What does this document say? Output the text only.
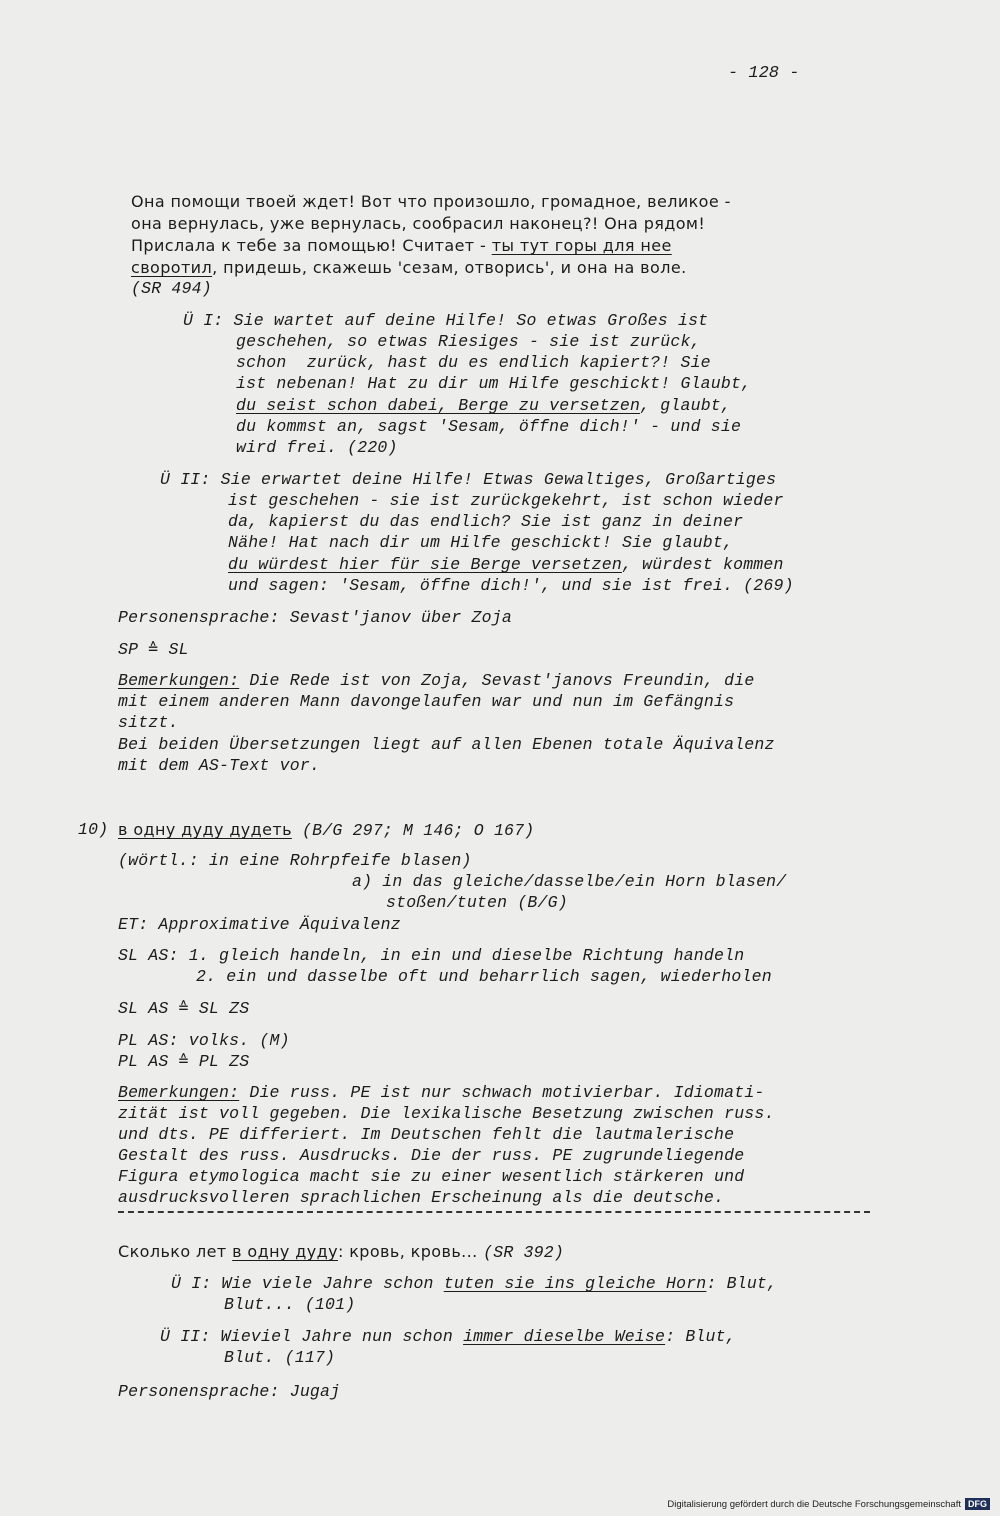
- 128 -
Она помощи твоей ждет! Вот что произошло, громадное, великое -
она вернулась, уже вернулась, сообрасил наконец?! Она рядом!
Прислала к тебе за помощью! Считает - ты тут горы для нее
своротил, придешь, скажешь 'сезам, отворись', и она на воле.
(SR 494)
Ü I: Sie wartet auf deine Hilfe! So etwas Großes ist
geschehen, so etwas Riesiges - sie ist zurück,
schon  zurück, hast du es endlich kapiert?! Sie
ist nebenan! Hat zu dir um Hilfe geschickt! Glaubt,
du seist schon dabei, Berge zu versetzen, glaubt,
du kommst an, sagst 'Sesam, öffne dich!' - und sie
wird frei. (220)
Ü II: Sie erwartet deine Hilfe! Etwas Gewaltiges, Großartiges
ist geschehen - sie ist zurückgekehrt, ist schon wieder
da, kapierst du das endlich? Sie ist ganz in deiner
Nähe! Hat nach dir um Hilfe geschickt! Sie glaubt,
du würdest hier für sie Berge versetzen, würdest kommen
und sagen: 'Sesam, öffne dich!', und sie ist frei. (269)
Personensprache: Sevast'janov über Zoja
SP ≙ SL
Bemerkungen: Die Rede ist von Zoja, Sevast'janovs Freundin, die
mit einem anderen Mann davongelaufen war und nun im Gefängnis
sitzt.
Bei beiden Übersetzungen liegt auf allen Ebenen totale Äquivalenz
mit dem AS-Text vor.
10) в одну дуду дудеть (B/G 297; M 146; O 167)
(wörtl.: in eine Rohrpfeife blasen)
a) in das gleiche/dasselbe/ein Horn blasen/
stoßen/tuten (B/G)
ET: Approximative Äquivalenz
SL AS: 1. gleich handeln, in ein und dieselbe Richtung handeln
2. ein und dasselbe oft und beharrlich sagen, wiederholen
SL AS ≙ SL ZS
PL AS: volks. (M)
PL AS ≙ PL ZS
Bemerkungen: Die russ. PE ist nur schwach motivierbar. Idiomati-
zität ist voll gegeben. Die lexikalische Besetzung zwischen russ.
und dts. PE differiert. Im Deutschen fehlt die lautmalerische
Gestalt des russ. Ausdrucks. Die der russ. PE zugrundeliegende
Figura etymologica macht sie zu einer wesentlich stärkeren und
ausdrucksvolleren sprachlichen Erscheinung als die deutsche.
Сколько лет в одну дуду: кровь, кровь... (SR 392)
Ü I: Wie viele Jahre schon tuten sie ins gleiche Horn: Blut,
Blut... (101)
Ü II: Wieviel Jahre nun schon immer dieselbe Weise: Blut,
Blut. (117)
Personensprache: Jugaj
Digitalisierung gefördert durch die Deutsche Forschungsgemeinschaft DFG
